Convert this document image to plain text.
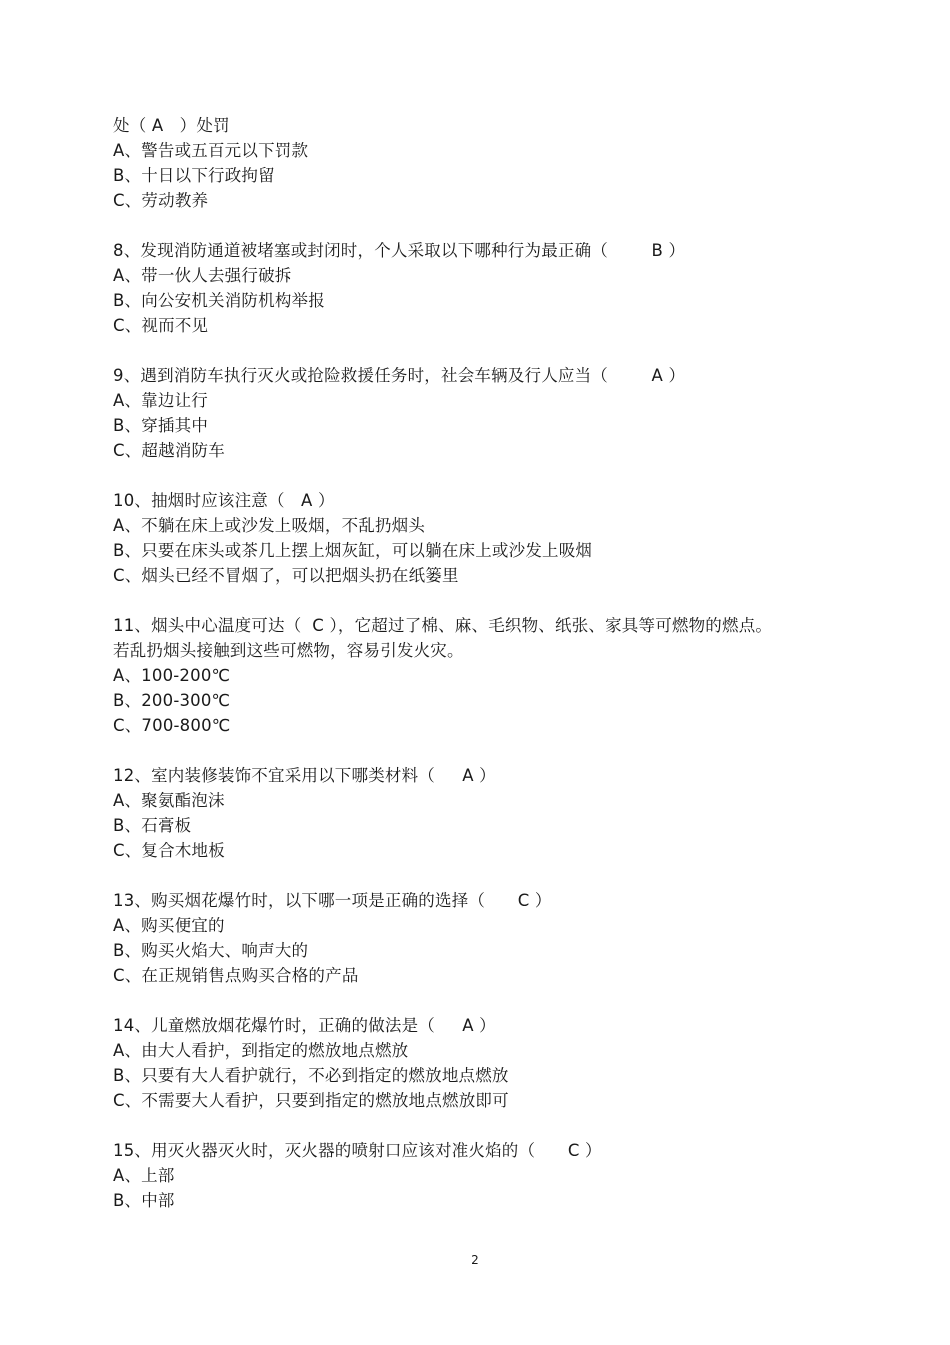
处（ A   ）处罚
A、警告或五百元以下罚款
B、十日以下行政拘留
C、劳动教养
8、发现消防通道被堵塞或封闭时，个人采取以下哪种行为最正确（        B ）
A、带一伙人去强行破拆
B、向公安机关消防机构举报
C、视而不见
9、遇到消防车执行灭火或抢险救援任务时，社会车辆及行人应当（        A ）
A、靠边让行
B、穿插其中
C、超越消防车
10、抽烟时应该注意（   A ）
A、不躺在床上或沙发上吸烟，不乱扔烟头
B、只要在床头或茶几上摆上烟灰缸，可以躺在床上或沙发上吸烟
C、烟头已经不冒烟了，可以把烟头扔在纸篓里
11、烟头中心温度可达（  C ），它超过了棉、麻、毛织物、纸张、家具等可燃物的燃点。
若乱扔烟头接触到这些可燃物，容易引发火灾。
A、100-200℃
B、200-300℃
C、700-800℃
12、室内装修装饰不宜采用以下哪类材料（     A ）
A、聚氨酯泡沫
B、石膏板
C、复合木地板
13、购买烟花爆竹时，以下哪一项是正确的选择（      C ）
A、购买便宜的
B、购买火焰大、响声大的
C、在正规销售点购买合格的产品
14、儿童燃放烟花爆竹时，正确的做法是（     A ）
A、由大人看护，到指定的燃放地点燃放
B、只要有大人看护就行，不必到指定的燃放地点燃放
C、不需要大人看护，只要到指定的燃放地点燃放即可
15、用灭火器灭火时，灭火器的喷射口应该对准火焰的（      C ）
A、上部
B、中部
2
